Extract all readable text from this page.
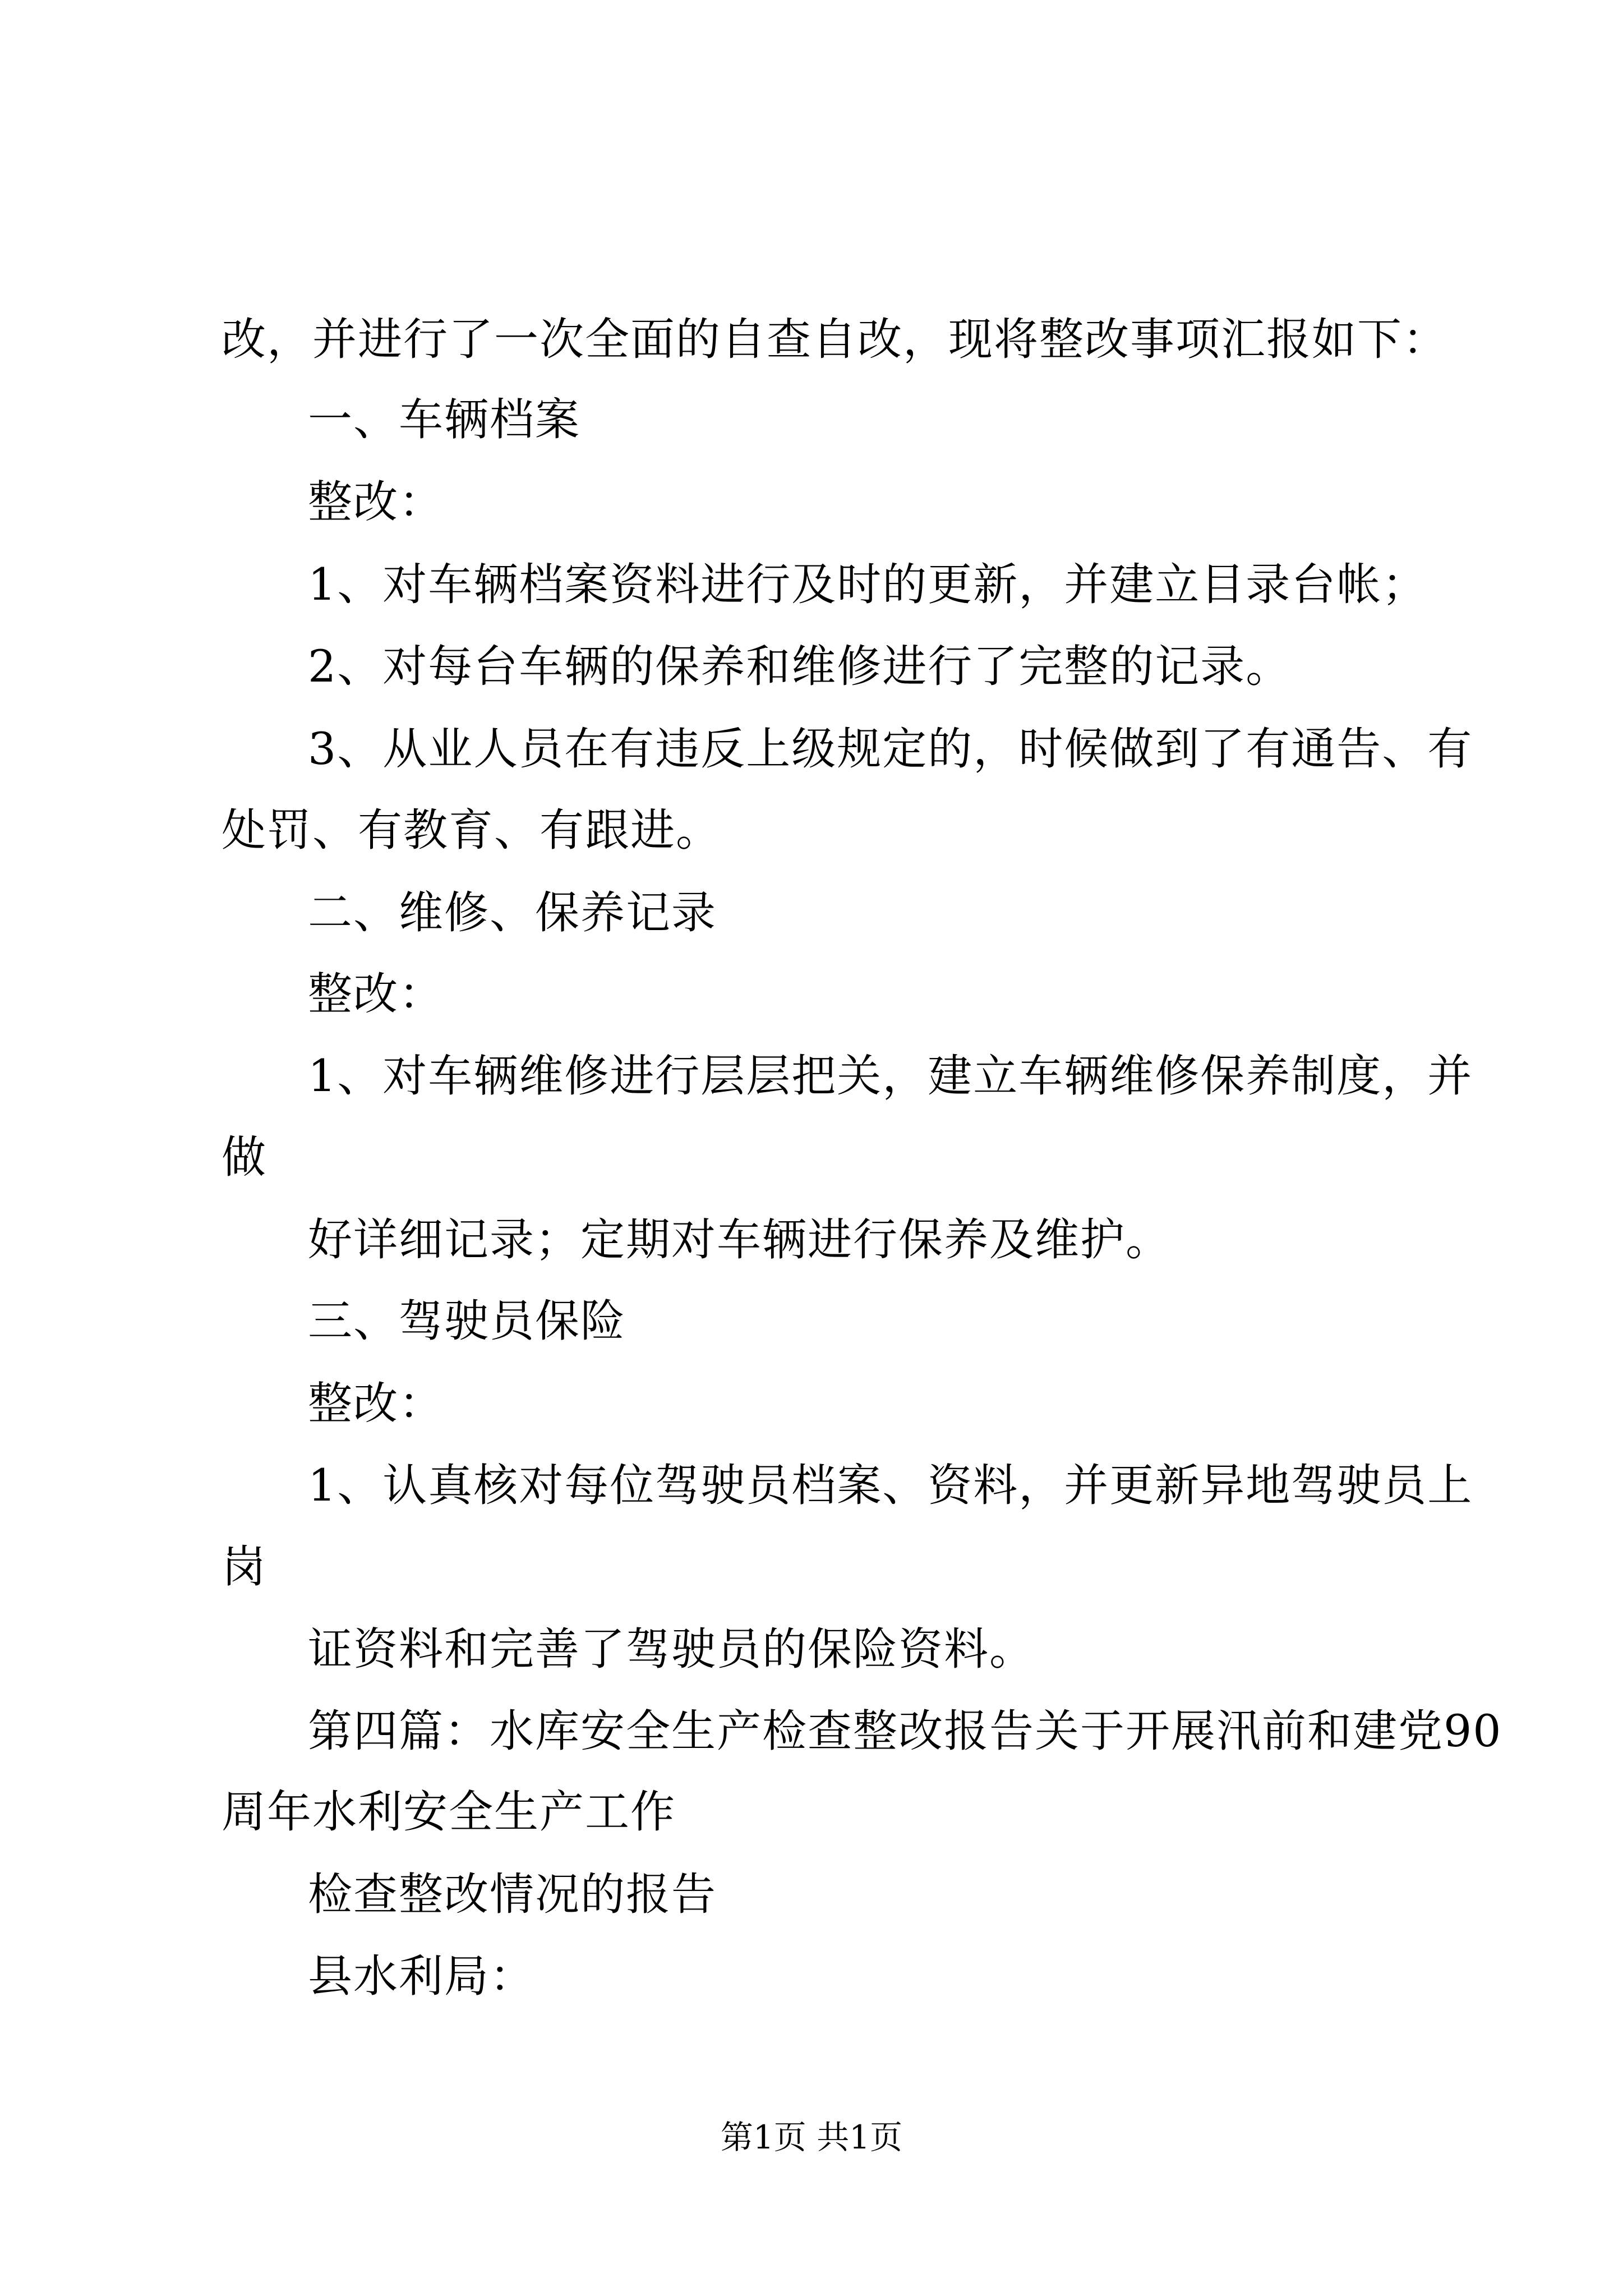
改，并进行了一次全面的自查自改，现将整改事项汇报如下：
一、车辆档案
整改：
1、对车辆档案资料进行及时的更新，并建立目录台帐；
2、对每台车辆的保养和维修进行了完整的记录。
3、从业人员在有违反上级规定的，时候做到了有通告、有
处罚、有教育、有跟进。
二、维修、保养记录
整改：
1、对车辆维修进行层层把关，建立车辆维修保养制度，并
做
好详细记录；定期对车辆进行保养及维护。
三、驾驶员保险
整改：
1、认真核对每位驾驶员档案、资料，并更新异地驾驶员上
岗
证资料和完善了驾驶员的保险资料。
第四篇：水库安全生产检查整改报告关于开展汛前和建党90
周年水利安全生产工作
检查整改情况的报告
县水利局：
第1页 共1页
